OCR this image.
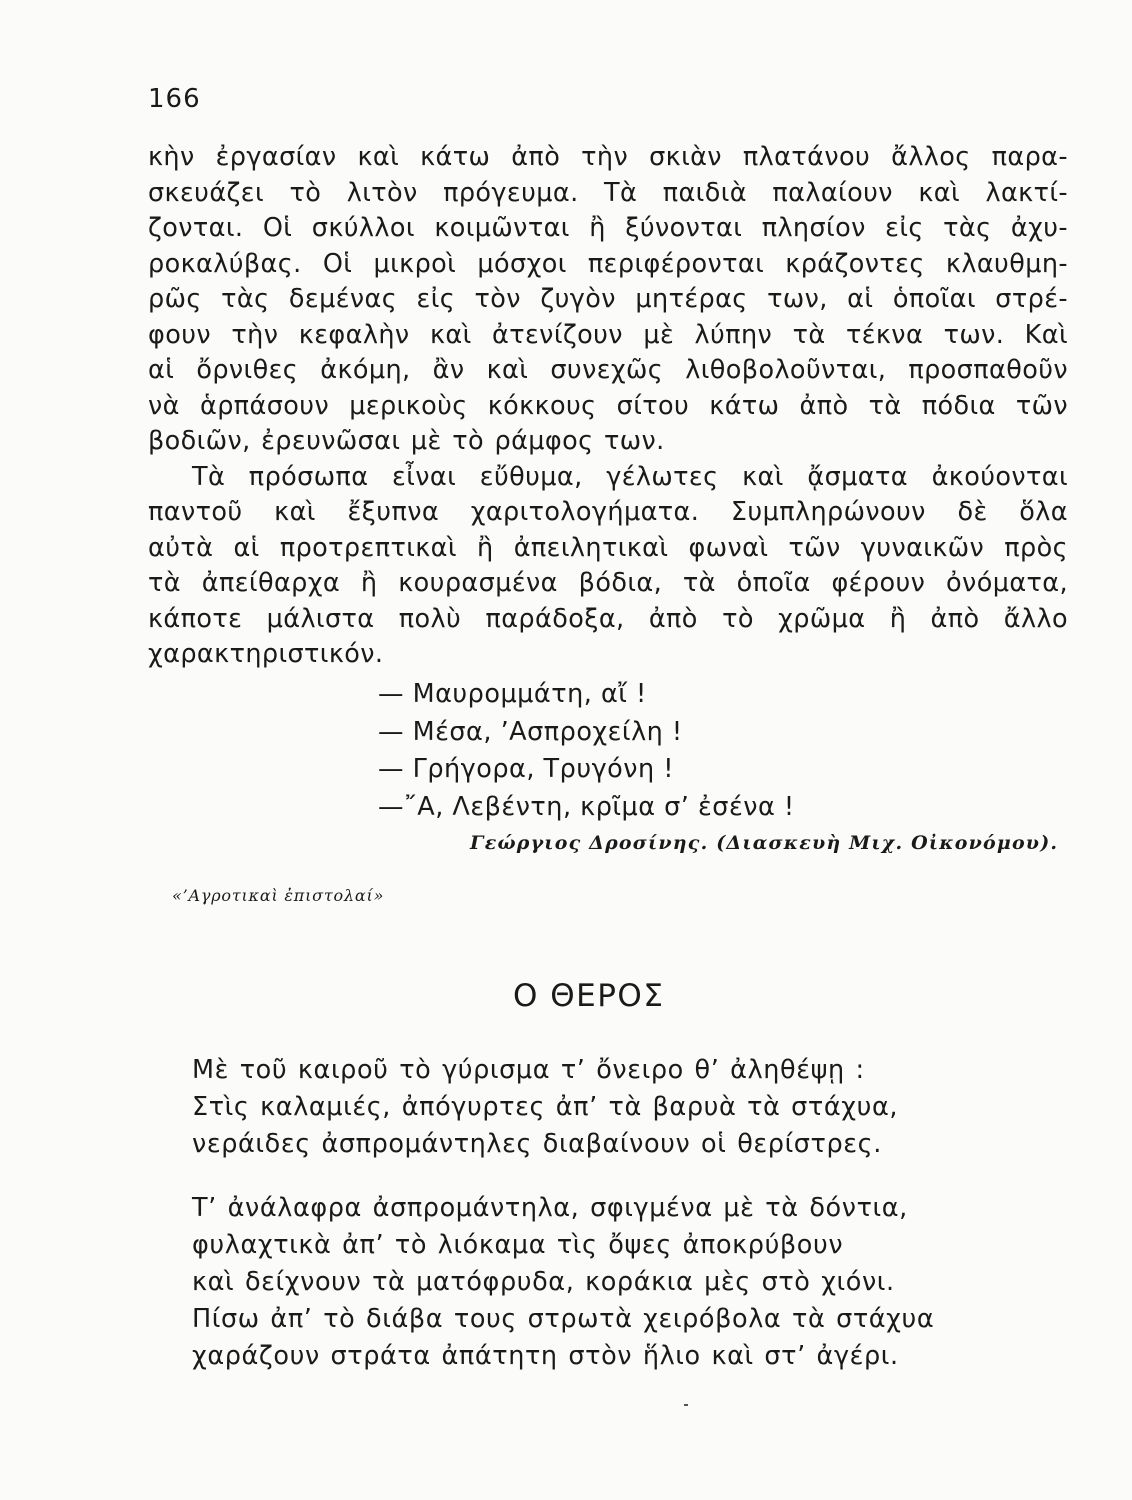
166
κὴν ἐργασίαν καὶ κάτω ἀπὸ τὴν σκιὰν πλατάνου ἄλλος παρα-
σκευάζει τὸ λιτὸν πρόγευμα. Τὰ παιδιὰ παλαίουν καὶ λακτί-
ζονται. Οἱ σκύλλοι κοιμῶνται ἢ ξύνονται πλησίον εἰς τὰς ἀχυ-
ροκαλύβας. Οἱ μικροὶ μόσχοι περιφέρονται κράζοντες κλαυθμη-
ρῶς τὰς δεμένας εἰς τὸν ζυγὸν μητέρας των, αἱ ὁποῖαι στρέ-
φουν τὴν κεφαλὴν καὶ ἀτενίζουν μὲ λύπην τὰ τέκνα των. Καὶ
αἱ ὄρνιθες ἀκόμη, ἂν καὶ συνεχῶς λιθοβολοῦνται, προσπαθοῦν
νὰ ἁρπάσουν μερικοὺς κόκκους σίτου κάτω ἀπὸ τὰ πόδια τῶν
βοδιῶν, ἐρευνῶσαι μὲ τὸ ράμφος των.
Τὰ πρόσωπα εἶναι εὔθυμα, γέλωτες καὶ ᾄσματα ἀκούονται
παντοῦ καὶ ἔξυπνα χαριτολογήματα. Συμπληρώνουν δὲ ὅλα
αὐτὰ αἱ προτρεπτικαὶ ἢ ἀπειλητικαὶ φωναὶ τῶν γυναικῶν πρὸς
τὰ ἀπείθαρχα ἢ κουρασμένα βόδια, τὰ ὁποῖα φέρουν ὀνόματα,
κάποτε μάλιστα πολὺ παράδοξα, ἀπὸ τὸ χρῶμα ἢ ἀπὸ ἄλλο
χαρακτηριστικόν.
— Μαυρομμάτη, αἴ !
— Μέσα, ’Ασπροχείλη !
— Γρήγορα, Τρυγόνη !
—῎Α, Λεβέντη, κρῖμα σ’ ἐσένα !
Γεώργιος Δροσίνης. (Διασκευὴ Μιχ. Οἰκονόμου).
«’Αγροτικαὶ ἐπιστολαί»
Ο ΘΕΡΟΣ
Μὲ τοῦ καιροῦ τὸ γύρισμα τ’ ὄνειρο θ’ ἀληθέψῃ :
Στὶς καλαμιές, ἀπόγυρτες ἀπ’ τὰ βαρυὰ τὰ στάχυα,
νεράιδες ἀσπρομάντηλες διαβαίνουν οἱ θερίστρες.
Τ’ ἀνάλαφρα ἀσπρομάντηλα, σφιγμένα μὲ τὰ δόντια,
φυλαχτικὰ ἀπ’ τὸ λιόκαμα τὶς ὄψες ἀποκρύβουν
καὶ δείχνουν τὰ ματόφρυδα, κοράκια μὲς στὸ χιόνι.
Πίσω ἀπ’ τὸ διάβα τους στρωτὰ χειρόβολα τὰ στάχυα
χαράζουν στράτα ἀπάτητη στὸν ἥλιο καὶ στ’ ἀγέρι.
